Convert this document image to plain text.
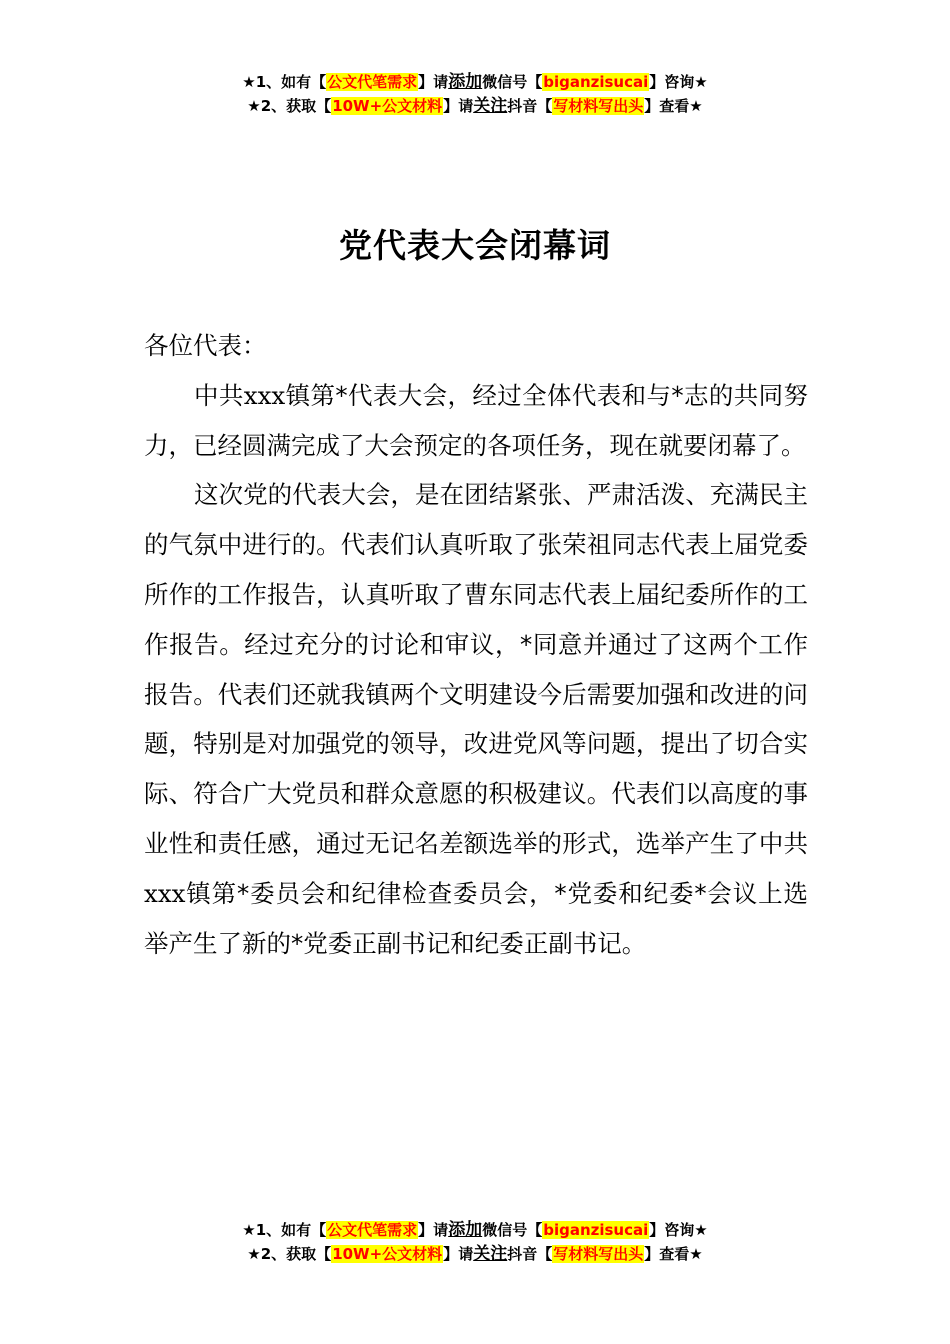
★1、如有【公文代笔需求】请添加微信号【biganzisucai】咨询★
★2、获取【10W+公文材料】请关注抖音【写材料写出头】查看★
党代表大会闭幕词

各位代表：

中共xxx镇第*代表大会，经过全体代表和与*志的共同努力，已经圆满完成了大会预定的各项任务，现在就要闭幕了。

这次党的代表大会，是在团结紧张、严肃活泼、充满民主的气氛中进行的。代表们认真听取了张荣祖同志代表上届党委所作的工作报告，认真听取了曹东同志代表上届纪委所作的工作报告。经过充分的讨论和审议，*同意并通过了这两个工作报告。代表们还就我镇两个文明建设今后需要加强和改进的问题，特别是对加强党的领导，改进党风等问题，提出了切合实际、符合广大党员和群众意愿的积极建议。代表们以高度的事业性和责任感，通过无记名差额选举的形式，选举产生了中共xxx镇第*委员会和纪律检查委员会，*党委和纪委*会议上选举产生了新的*党委正副书记和纪委正副书记。

★1、如有【公文代笔需求】请添加微信号【biganzisucai】咨询★
★2、获取【10W+公文材料】请关注抖音【写材料写出头】查看★
